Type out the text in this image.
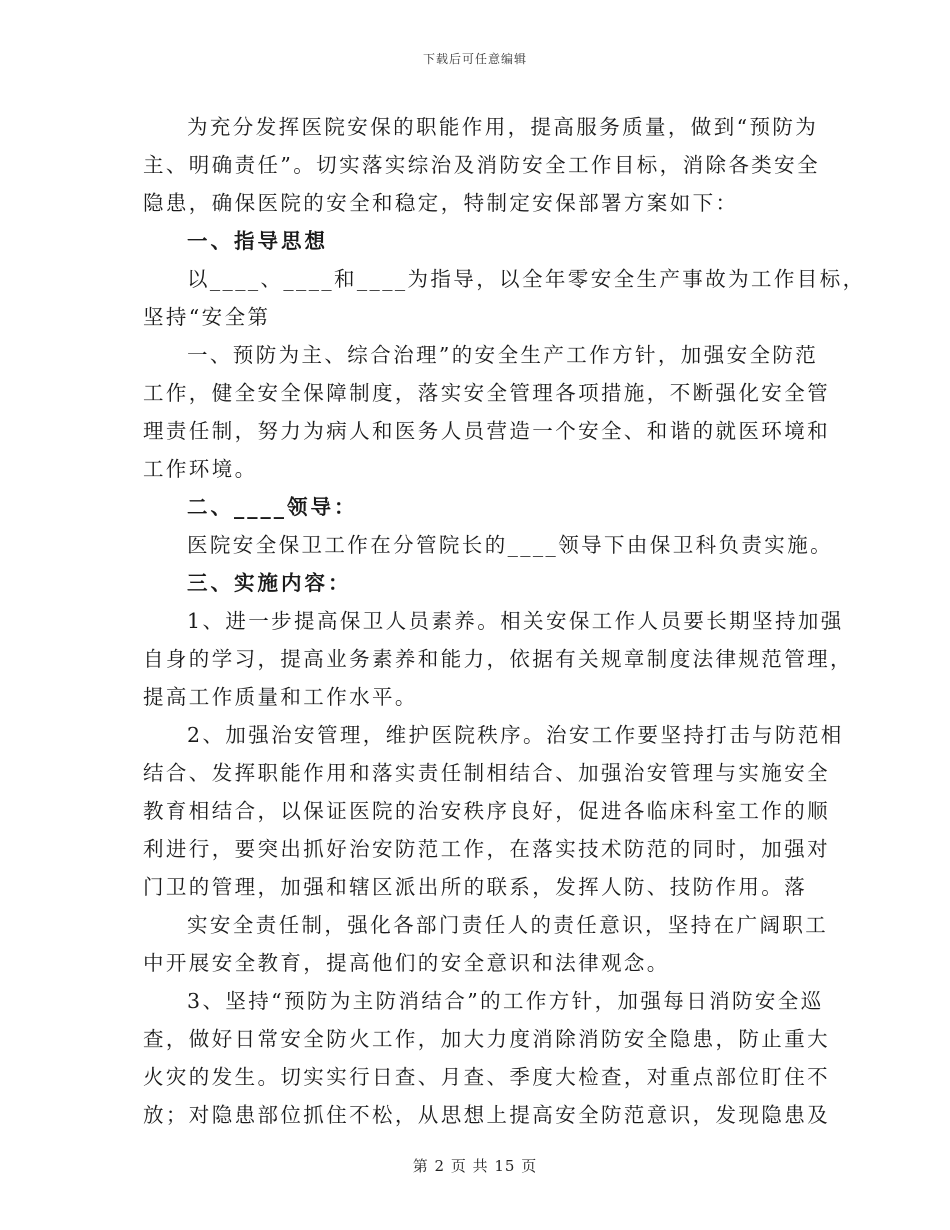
下载后可任意编辑
为充分发挥医院安保的职能作用，提高服务质量，做到“预防为
主、明确责任”。切实落实综治及消防安全工作目标，消除各类安全
隐患，确保医院的安全和稳定，特制定安保部署方案如下：
一、指导思想
以____、____和____为指导，以全年零安全生产事故为工作目标，
坚持“安全第
一、预防为主、综合治理”的安全生产工作方针，加强安全防范
工作，健全安全保障制度，落实安全管理各项措施，不断强化安全管
理责任制，努力为病人和医务人员营造一个安全、和谐的就医环境和
工作环境。
二、____领导：
医院安全保卫工作在分管院长的____领导下由保卫科负责实施。
三、实施内容：
1、进一步提高保卫人员素养。相关安保工作人员要长期坚持加强
自身的学习，提高业务素养和能力，依据有关规章制度法律规范管理，
提高工作质量和工作水平。
2、加强治安管理，维护医院秩序。治安工作要坚持打击与防范相
结合、发挥职能作用和落实责任制相结合、加强治安管理与实施安全
教育相结合，以保证医院的治安秩序良好，促进各临床科室工作的顺
利进行，要突出抓好治安防范工作，在落实技术防范的同时，加强对
门卫的管理，加强和辖区派出所的联系，发挥人防、技防作用。落
实安全责任制，强化各部门责任人的责任意识，坚持在广阔职工
中开展安全教育，提高他们的安全意识和法律观念。
3、坚持“预防为主防消结合”的工作方针，加强每日消防安全巡
查，做好日常安全防火工作，加大力度消除消防安全隐患，防止重大
火灾的发生。切实实行日查、月查、季度大检查，对重点部位盯住不
放；对隐患部位抓住不松，从思想上提高安全防范意识，发现隐患及
第 2 页 共 15 页
